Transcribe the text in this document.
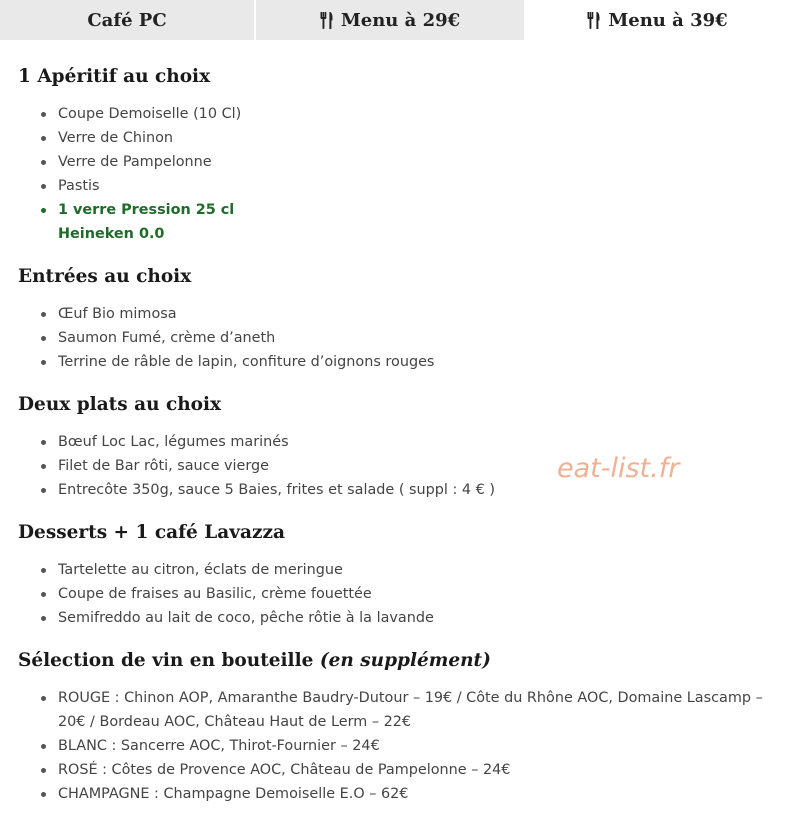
Café PC	Menu à 29€	Menu à 39€
1 Apéritif au choix
Coupe Demoiselle (10 Cl)
Verre de Chinon
Verre de Pampelonne
Pastis
1 verre Pression 25 cl
Heineken 0.0
Entrées au choix
Œuf Bio mimosa
Saumon Fumé, crème d’aneth
Terrine de râble de lapin, confiture d’oignons rouges
Deux plats au choix
Bœuf Loc Lac, légumes marinés
Filet de Bar rôti, sauce vierge
Entrecôte 350g, sauce 5 Baies, frites et salade ( suppl : 4 € )
Desserts + 1 café Lavazza
Tartelette au citron, éclats de meringue
Coupe de fraises au Basilic, crème fouettée
Semifreddo au lait de coco, pêche rôtie à la lavande
Sélection de vin en bouteille (en supplément)
ROUGE : Chinon AOP, Amaranthe Baudry-Dutour – 19€ / Côte du Rhône AOC, Domaine Lascamp – 20€ / Bordeau AOC, Château Haut de Lerm – 22€
BLANC : Sancerre AOC, Thirot-Fournier – 24€
ROSÉ : Côtes de Provence AOC, Château de Pampelonne – 24€
CHAMPAGNE : Champagne Demoiselle E.O – 62€
eat-list.fr
